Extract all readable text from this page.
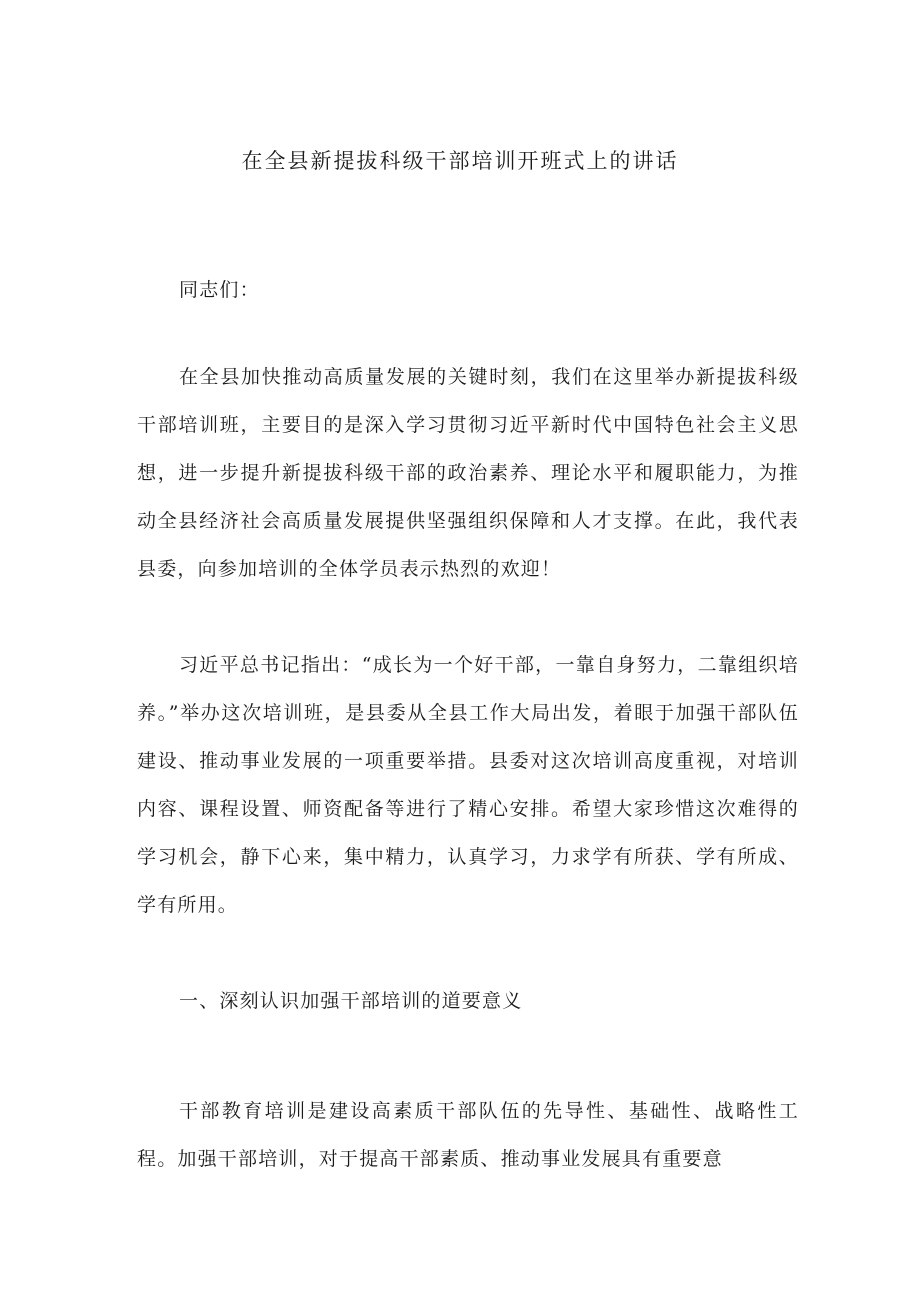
在全县新提拔科级干部培训开班式上的讲话

同志们：

在全县加快推动高质量发展的关键时刻，我们在这里举办新提拔科级干部培训班，主要目的是深入学习贯彻习近平新时代中国特色社会主义思想，进一步提升新提拔科级干部的政治素养、理论水平和履职能力，为推动全县经济社会高质量发展提供坚强组织保障和人才支撑。在此，我代表县委，向参加培训的全体学员表示热烈的欢迎！

习近平总书记指出：“成长为一个好干部，一靠自身努力，二靠组织培养。”举办这次培训班，是县委从全县工作大局出发，着眼于加强干部队伍建设、推动事业发展的一项重要举措。县委对这次培训高度重视，对培训内容、课程设置、师资配备等进行了精心安排。希望大家珍惜这次难得的学习机会，静下心来，集中精力，认真学习，力求学有所获、学有所成、学有所用。

一、深刻认识加强干部培训的道要意义

干部教育培训是建设高素质干部队伍的先导性、基础性、战略性工程。加强干部培训，对于提高干部素质、推动事业发展具有重要意
